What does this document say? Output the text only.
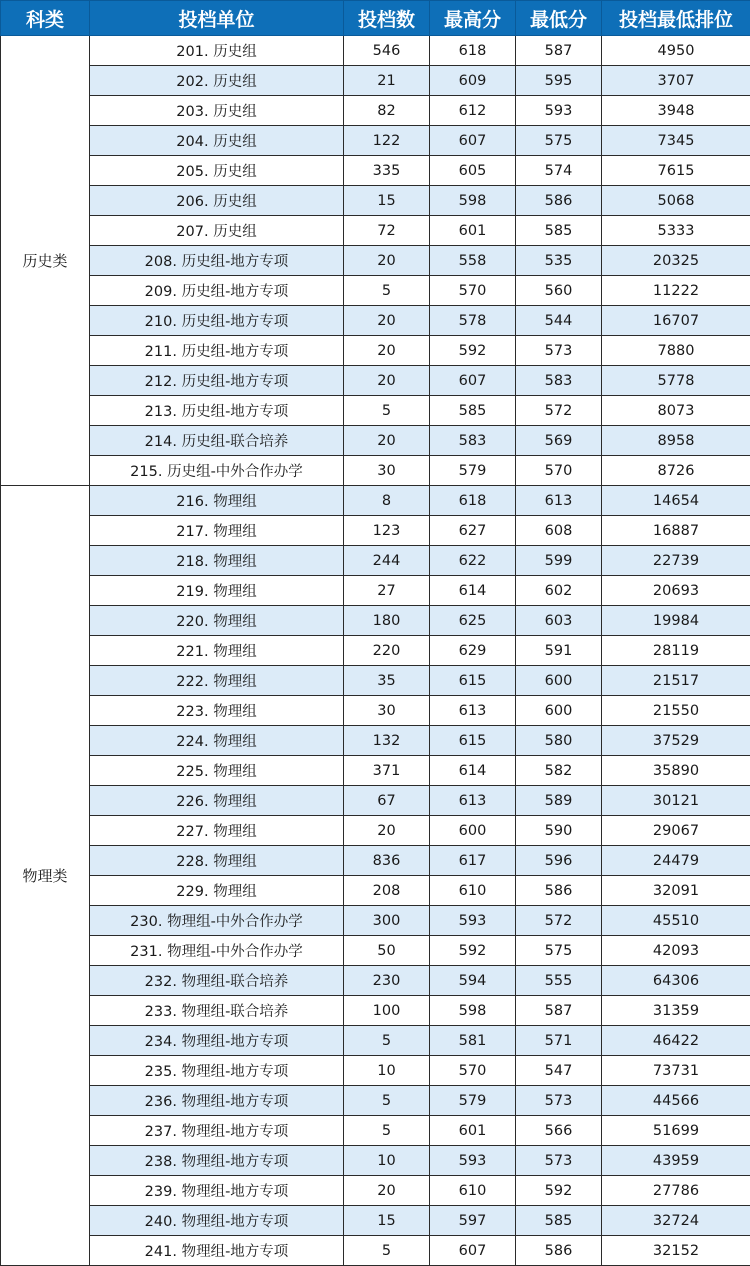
科类	投档单位	投档数	最高分	最低分	投档最低排位
历史类	201. 历史组	546	618	587	4950
	202. 历史组	21	609	595	3707
	203. 历史组	82	612	593	3948
	204. 历史组	122	607	575	7345
	205. 历史组	335	605	574	7615
	206. 历史组	15	598	586	5068
	207. 历史组	72	601	585	5333
	208. 历史组-地方专项	20	558	535	20325
	209. 历史组-地方专项	5	570	560	11222
	210. 历史组-地方专项	20	578	544	16707
	211. 历史组-地方专项	20	592	573	7880
	212. 历史组-地方专项	20	607	583	5778
	213. 历史组-地方专项	5	585	572	8073
	214. 历史组-联合培养	20	583	569	8958
	215. 历史组-中外合作办学	30	579	570	8726
物理类	216. 物理组	8	618	613	14654
	217. 物理组	123	627	608	16887
	218. 物理组	244	622	599	22739
	219. 物理组	27	614	602	20693
	220. 物理组	180	625	603	19984
	221. 物理组	220	629	591	28119
	222. 物理组	35	615	600	21517
	223. 物理组	30	613	600	21550
	224. 物理组	132	615	580	37529
	225. 物理组	371	614	582	35890
	226. 物理组	67	613	589	30121
	227. 物理组	20	600	590	29067
	228. 物理组	836	617	596	24479
	229. 物理组	208	610	586	32091
	230. 物理组-中外合作办学	300	593	572	45510
	231. 物理组-中外合作办学	50	592	575	42093
	232. 物理组-联合培养	230	594	555	64306
	233. 物理组-联合培养	100	598	587	31359
	234. 物理组-地方专项	5	581	571	46422
	235. 物理组-地方专项	10	570	547	73731
	236. 物理组-地方专项	5	579	573	44566
	237. 物理组-地方专项	5	601	566	51699
	238. 物理组-地方专项	10	593	573	43959
	239. 物理组-地方专项	20	610	592	27786
	240. 物理组-地方专项	15	597	585	32724
	241. 物理组-地方专项	5	607	586	32152
